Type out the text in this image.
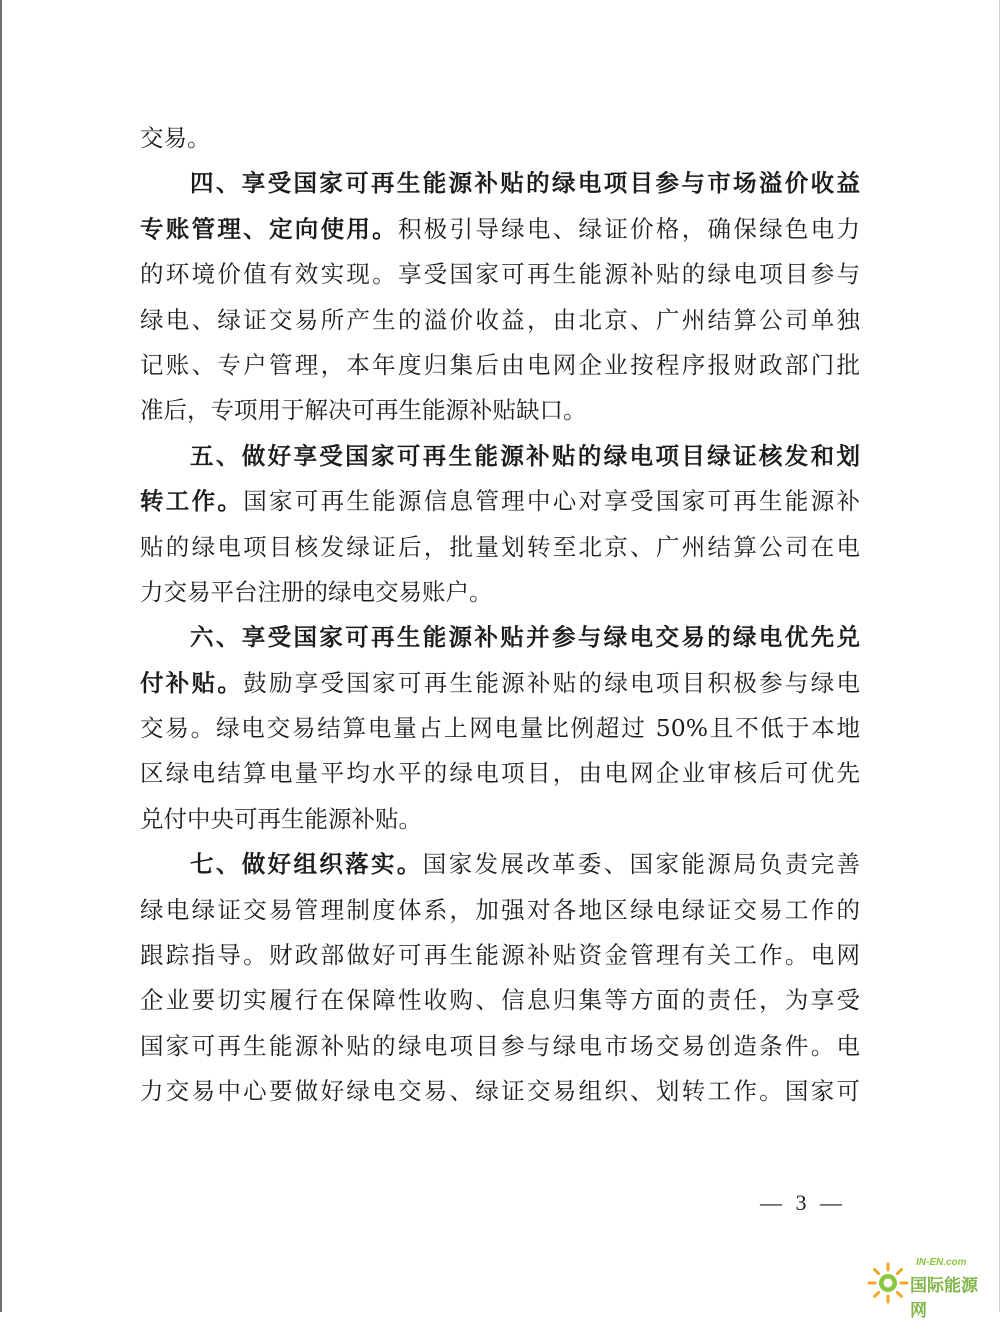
交易。
四、享受国家可再生能源补贴的绿电项目参与市场溢价收益
专账管理、定向使用。积极引导绿电、绿证价格，确保绿色电力
的环境价值有效实现。享受国家可再生能源补贴的绿电项目参与
绿电、绿证交易所产生的溢价收益，由北京、广州结算公司单独
记账、专户管理，本年度归集后由电网企业按程序报财政部门批
准后，专项用于解决可再生能源补贴缺口。
五、做好享受国家可再生能源补贴的绿电项目绿证核发和划
转工作。国家可再生能源信息管理中心对享受国家可再生能源补
贴的绿电项目核发绿证后，批量划转至北京、广州结算公司在电
力交易平台注册的绿电交易账户。
六、享受国家可再生能源补贴并参与绿电交易的绿电优先兑
付补贴。鼓励享受国家可再生能源补贴的绿电项目积极参与绿电
交易。绿电交易结算电量占上网电量比例超过 50%且不低于本地
区绿电结算电量平均水平的绿电项目，由电网企业审核后可优先
兑付中央可再生能源补贴。
七、做好组织落实。国家发展改革委、国家能源局负责完善
绿电绿证交易管理制度体系，加强对各地区绿电绿证交易工作的
跟踪指导。财政部做好可再生能源补贴资金管理有关工作。电网
企业要切实履行在保障性收购、信息归集等方面的责任，为享受
国家可再生能源补贴的绿电项目参与绿电市场交易创造条件。电
力交易中心要做好绿电交易、绿证交易组织、划转工作。国家可
— 3 —
IN-EN.com
国际能源网
